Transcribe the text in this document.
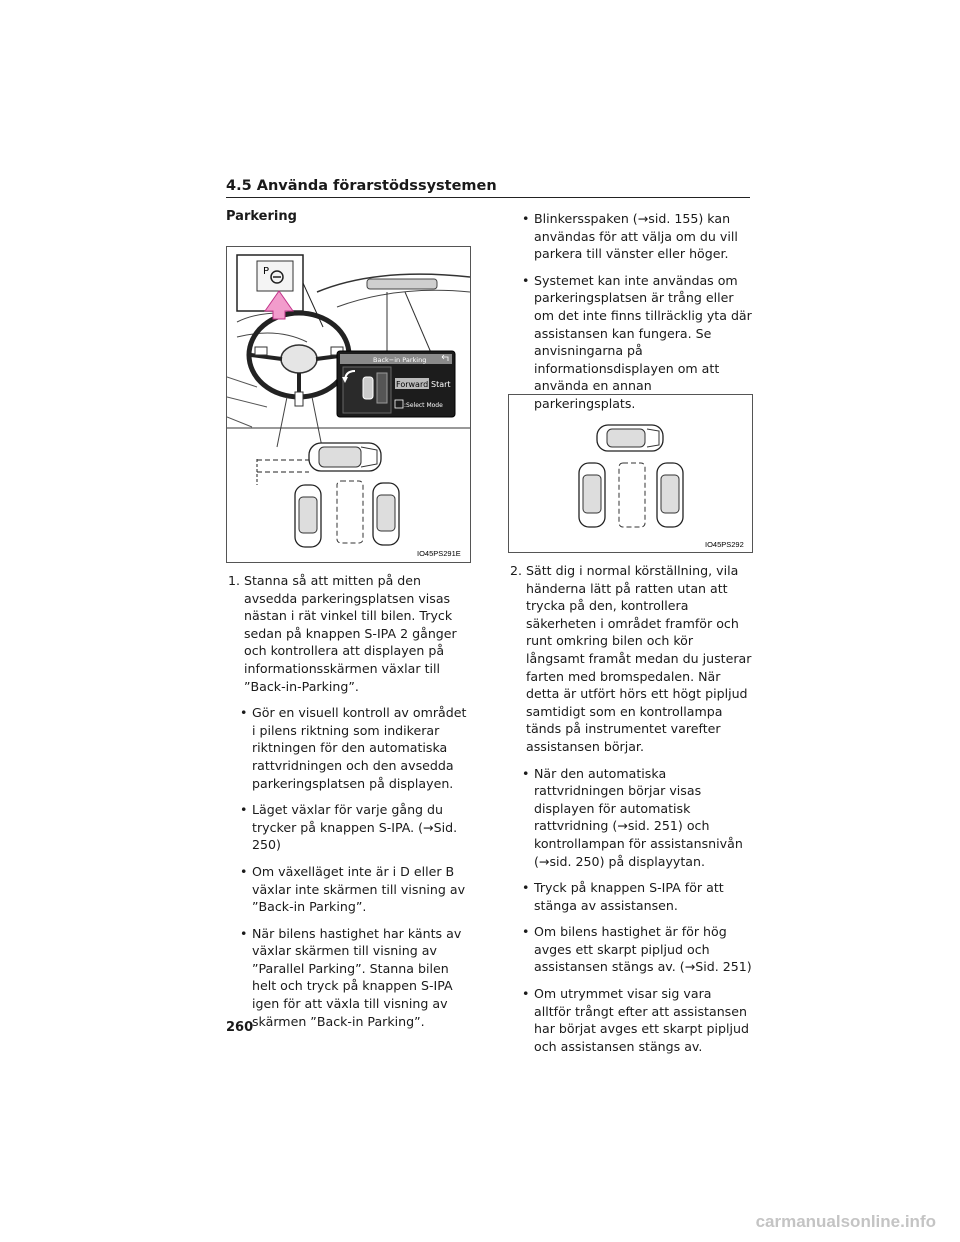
4.5 Använda förarstödssystemen
Parkering
P
Back−in Parking
Forward Start
:Select Mode
IO45PS291E
IO45PS292

1. Stanna så att mitten på den avsedda parkeringsplatsen visas nästan i rät vinkel till bilen. Tryck sedan på knappen S-IPA 2 gånger och kontrollera att displayen på informationsskärmen växlar till ”Back-in-Parking”.

• Gör en visuell kontroll av området i pilens riktning som indikerar riktningen för den automatiska rattvridningen och den avsedda parkeringsplatsen på displayen.

• Läget växlar för varje gång du trycker på knappen S-IPA. (→Sid. 250)

• Om växelläget inte är i D eller B växlar inte skärmen till visning av ”Back-in Parking”.

• När bilens hastighet har känts av växlar skärmen till visning av ”Parallel Parking”. Stanna bilen helt och tryck på knappen S-IPA igen för att växla till visning av skärmen ”Back-in Parking”.

• Blinkersspaken (→sid. 155) kan användas för att välja om du vill parkera till vänster eller höger.

• Systemet kan inte användas om parkeringsplatsen är trång eller om det inte finns tillräcklig yta där assistansen kan fungera. Se anvisningarna på informationsdisplayen om att använda en annan parkeringsplats.

2. Sätt dig i normal körställning, vila händerna lätt på ratten utan att trycka på den, kontrollera säkerheten i området framför och runt omkring bilen och kör långsamt framåt medan du justerar farten med bromspedalen. När detta är utfört hörs ett högt pipljud samtidigt som en kontrollampa tänds på instrumentet varefter assistansen börjar.

• När den automatiska rattvridningen börjar visas displayen för automatisk rattvridning (→sid. 251) och kontrollampan för assistansnivån (→sid. 250) på displayytan.

• Tryck på knappen S-IPA för att stänga av assistansen.

• Om bilens hastighet är för hög avges ett skarpt pipljud och assistansen stängs av. (→Sid. 251)

• Om utrymmet visar sig vara alltför trångt efter att assistansen har börjat avges ett skarpt pipljud och assistansen stängs av.

260
carmanualsonline.info
